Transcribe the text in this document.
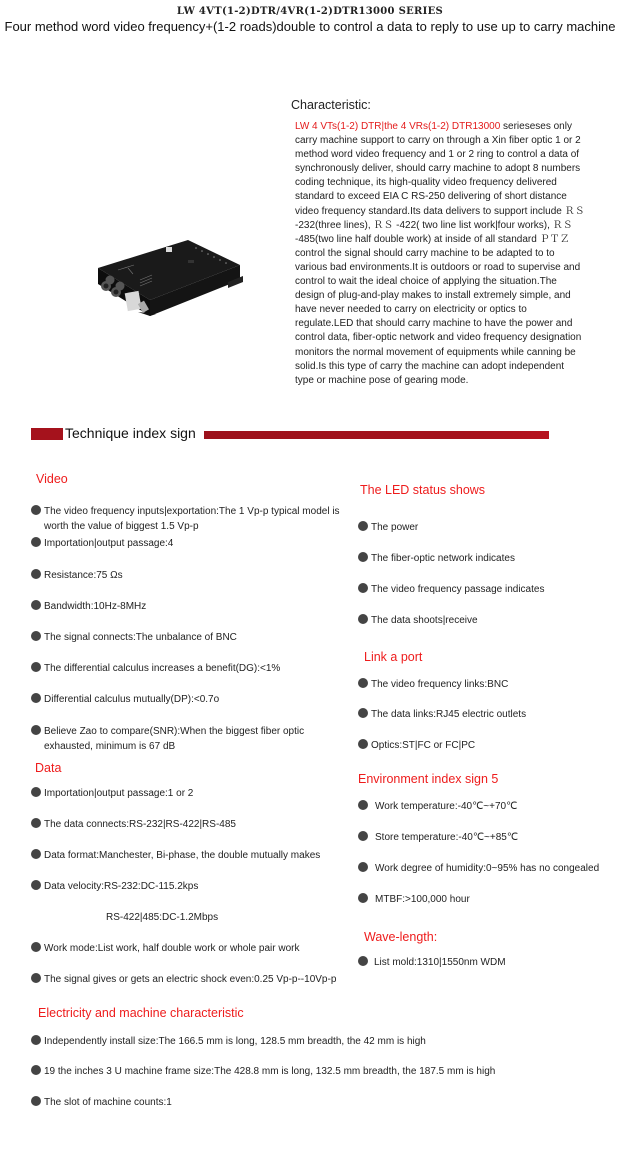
LW 4VT(1-2)DTR/4VR(1-2)DTR13000 SERIES
Four method word video frequency+(1-2 roads)double to control a data to reply to use up to carry machine
Characteristic:
LW 4 VTs(1-2) DTR|the 4 VRs(1-2) DTR13000 serieseses only carry machine support to carry on through a Xin fiber optic 1 or 2 method word video frequency and 1 or 2 ring to control a data of synchronously deliver, should carry machine to adopt 8 numbers coding technique, its high-quality video frequency delivered standard to exceed EIA C RS-250 delivering of short distance video frequency standard.Its data delivers to support include ＲＳ -232(three lines), ＲＳ -422( two line list work|four works), ＲＳ -485(two line half double work) at inside of all standard ＰＴＺ control the signal should carry machine to be adapted to to various bad environments.It is outdoors or road to supervise and control to wait the ideal choice of applying the situation.The design of plug-and-play makes to install extremely simple, and have never needed to carry on electricity or optics to regulate.LED that should carry machine to have the power and control data, fiber-optic network and video frequency designation monitors the normal movement of equipments while canning be solid.Is this type of carry the machine can adopt independent type or machine pose of gearing mode.
Technique index sign
Video
The video frequency inputs|exportation:The 1 Vp-p typical model is
worth the value of biggest 1.5 Vp-p
Importation|output passage:4
Resistance:75 Ωs
Bandwidth:10Hz-8MHz
The signal connects:The unbalance of BNC
The differential calculus increases a benefit(DG):<1%
Differential calculus mutually(DP):<0.7o
Believe Zao to compare(SNR):When the biggest fiber optic
exhausted, minimum is 67 dB
Data
Importation|output passage:1 or 2
The data connects:RS-232|RS-422|RS-485
Data format:Manchester, Bi-phase, the double mutually makes
Data velocity:RS-232:DC-115.2kps
RS-422|485:DC-1.2Mbps
Work mode:List work, half double work or whole pair work
The signal gives or gets an electric shock even:0.25 Vp-p--10Vp-p
The LED status shows
The power
The fiber-optic network indicates
The video frequency passage indicates
The data shoots|receive
Link a port
The video frequency links:BNC
The data links:RJ45 electric outlets
Optics:ST|FC or FC|PC
Environment index sign 5
Work temperature:-40℃~+70℃
Store temperature:-40℃~+85℃
Work degree of humidity:0~95% has no congealed
MTBF:>100,000 hour
Wave-length:
List mold:1310|1550nm WDM
Electricity and machine characteristic
Independently install size:The 166.5 mm is long, 128.5 mm breadth, the 42 mm is high
19 the inches 3 U machine frame size:The 428.8 mm is long, 132.5 mm breadth, the 187.5 mm is high
The slot of machine counts:1
